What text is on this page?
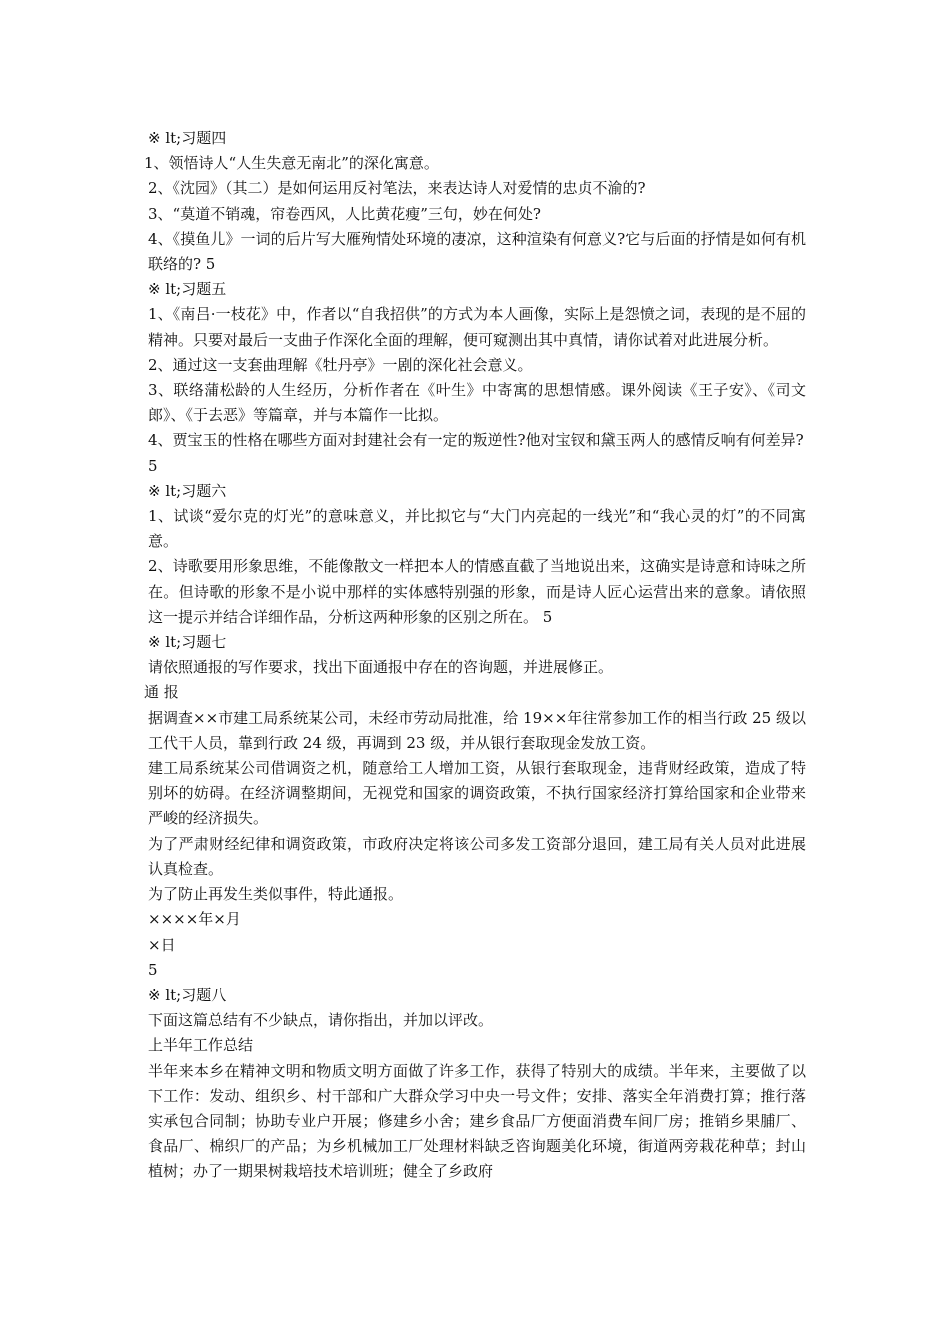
※ lt;习题四

1、领悟诗人“人生失意无南北”的深化寓意。

2、《沈园》（其二）是如何运用反衬笔法，来表达诗人对爱情的忠贞不渝的?

3、“莫道不销魂，帘卷西风，人比黄花瘦”三句，妙在何处?

4、《摸鱼儿》一词的后片写大雁殉情处环境的凄凉，这种渲染有何意义?它与后面的抒情是如何有机联络的? 5

※ lt;习题五

1、《南吕·一枝花》中，作者以“自我招供”的方式为本人画像，实际上是怨愤之词，表现的是不屈的精神。只要对最后一支曲子作深化全面的理解，便可窥测出其中真情，请你试着对此进展分析。

2、通过这一支套曲理解《牡丹亭》一剧的深化社会意义。

3、联络蒲松龄的人生经历，分析作者在《叶生》中寄寓的思想情感。课外阅读《王子安》、《司文郎》、《于去恶》等篇章，并与本篇作一比拟。

4、贾宝玉的性格在哪些方面对封建社会有一定的叛逆性?他对宝钗和黛玉两人的感情反响有何差异?

5

※ lt;习题六

1、试谈“爱尔克的灯光”的意味意义，并比拟它与“大门内亮起的一线光”和“我心灵的灯”的不同寓意。

2、诗歌要用形象思维，不能像散文一样把本人的情感直截了当地说出来，这确实是诗意和诗味之所在。但诗歌的形象不是小说中那样的实体感特别强的形象，而是诗人匠心运营出来的意象。请依照这一提示并结合详细作品，分析这两种形象的区别之所在。 5

※ lt;习题七

请依照通报的写作要求，找出下面通报中存在的咨询题，并进展修正。

通 报

据调查××市建工局系统某公司，未经市劳动局批准，给 19××年往常参加工作的相当行政 25 级以工代干人员，靠到行政 24 级，再调到 23 级，并从银行套取现金发放工资。

建工局系统某公司借调资之机，随意给工人增加工资，从银行套取现金，违背财经政策，造成了特别坏的妨碍。在经济调整期间，无视党和国家的调资政策，不执行国家经济打算给国家和企业带来严峻的经济损失。

为了严肃财经纪律和调资政策，市政府决定将该公司多发工资部分退回，建工局有关人员对此进展认真检查。

为了防止再发生类似事件，特此通报。

××××年×月

×日

5

※ lt;习题八

下面这篇总结有不少缺点，请你指出，并加以评改。

上半年工作总结

半年来本乡在精神文明和物质文明方面做了许多工作，获得了特别大的成绩。半年来，主要做了以下工作：发动、组织乡、村干部和广大群众学习中央一号文件；安排、落实全年消费打算；推行落实承包合同制；协助专业户开展；修建乡小舍；建乡食品厂方便面消费车间厂房；推销乡果脯厂、食品厂、棉织厂的产品；为乡机械加工厂处理材料缺乏咨询题美化环境，街道两旁栽花种草；封山植树；办了一期果树栽培技术培训班；健全了乡政府
